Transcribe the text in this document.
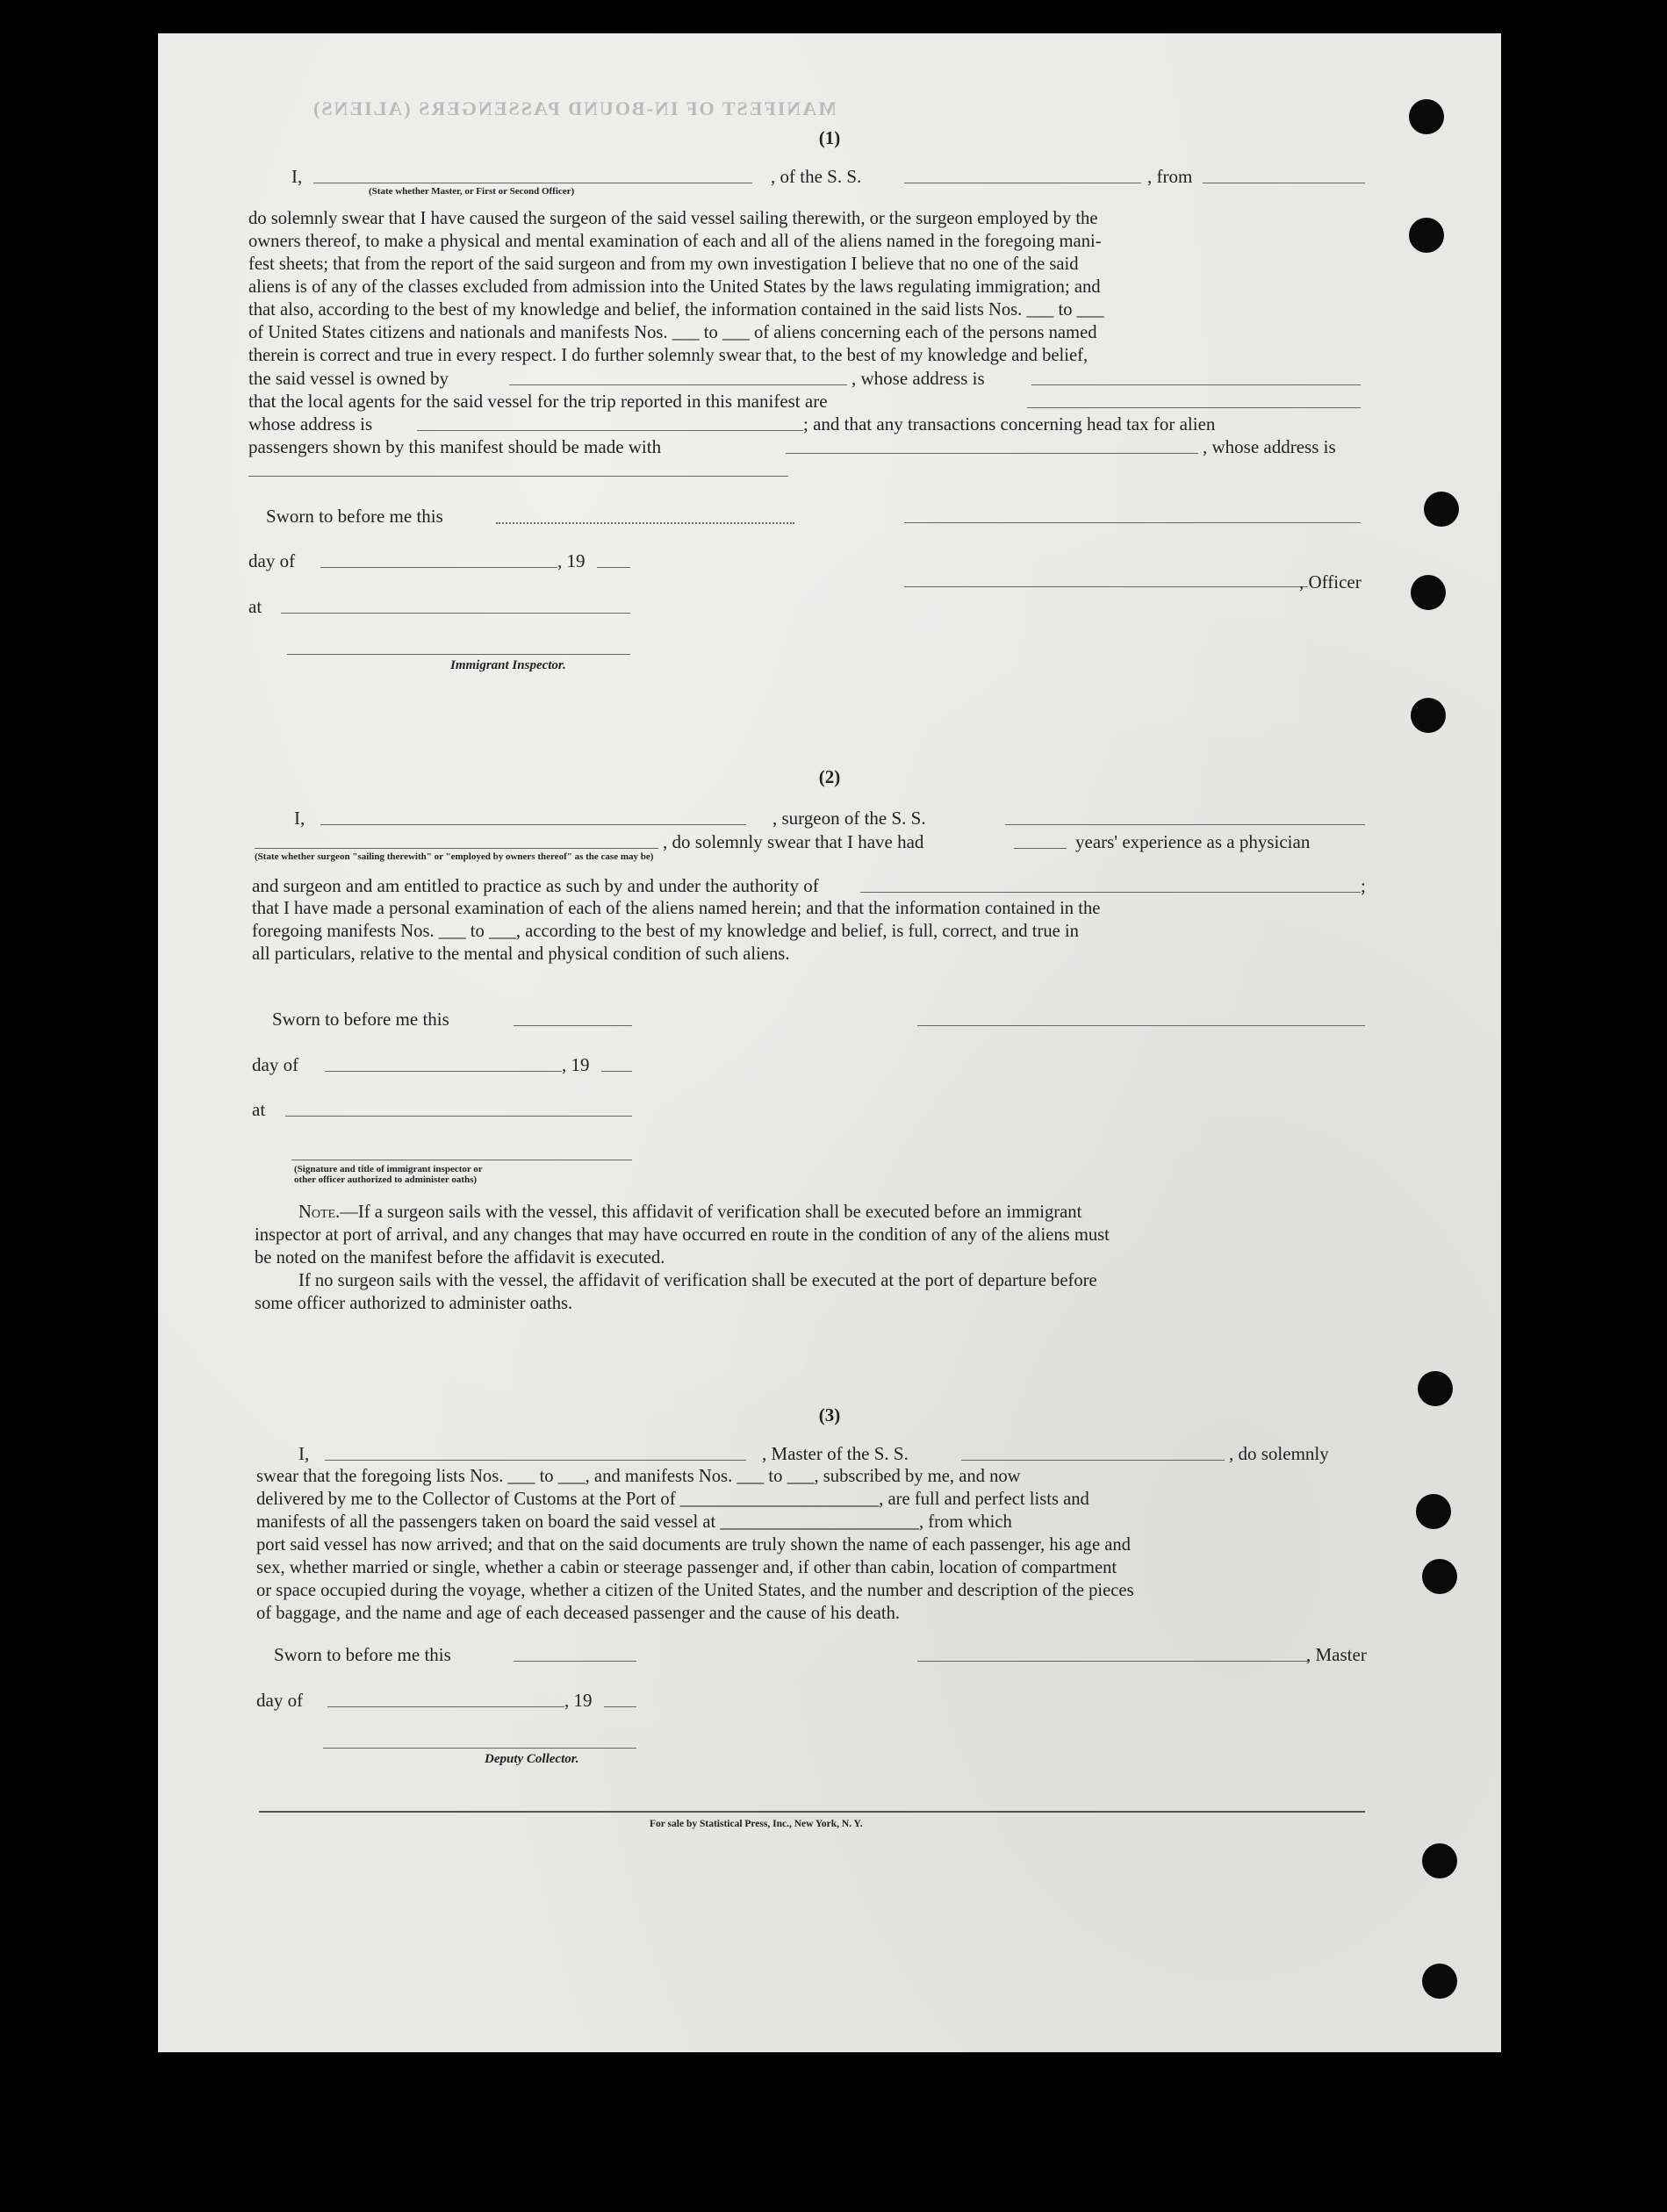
MANIFEST OF IN-BOUND PASSENGERS (ALIENS)
(1)
I,
(State whether Master, or First or Second Officer)
, of the S. S.	, from
do solemnly swear that I have caused the surgeon of the said vessel sailing therewith, or the surgeon employed by the
owners thereof, to make a physical and mental examination of each and all of the aliens named in the foregoing mani-
fest sheets; that from the report of the said surgeon and from my own investigation I believe that no one of the said
aliens is of any of the classes excluded from admission into the United States by the laws regulating immigration; and
that also, according to the best of my knowledge and belief, the information contained in the said lists Nos. ___ to ___
of United States citizens and nationals and manifests Nos. ___ to ___ of aliens concerning each of the persons named
therein is correct and true in every respect. I do further solemnly swear that, to the best of my knowledge and belief,
the said vessel is owned by	, whose address is
that the local agents for the said vessel for the trip reported in this manifest are
whose address is	; and that any transactions concerning head tax for alien
passengers shown by this manifest should be made with	, whose address is
Sworn to before me this
day of	, 19
, Officer
at
Immigrant Inspector.
(2)
I,	, surgeon of the S. S.
, do solemnly swear that I have had	years' experience as a physician
(State whether surgeon "sailing therewith" or "employed by owners thereof" as the case may be)
and surgeon and am entitled to practice as such by and under the authority of	;
that I have made a personal examination of each of the aliens named herein; and that the information contained in the
foregoing manifests Nos. ___ to ___, according to the best of my knowledge and belief, is full, correct, and true in
all particulars, relative to the mental and physical condition of such aliens.
Sworn to before me this
day of	, 19
at
(Signature and title of immigrant inspector or
other officer authorized to administer oaths)
Note.—If a surgeon sails with the vessel, this affidavit of verification shall be executed before an immigrant
inspector at port of arrival, and any changes that may have occurred en route in the condition of any of the aliens must
be noted on the manifest before the affidavit is executed.
If no surgeon sails with the vessel, the affidavit of verification shall be executed at the port of departure before
some officer authorized to administer oaths.
(3)
I,	, Master of the S. S.	, do solemnly
swear that the foregoing lists Nos. ___ to ___, and manifests Nos. ___ to ___, subscribed by me, and now
delivered by me to the Collector of Customs at the Port of ______________________, are full and perfect lists and
manifests of all the passengers taken on board the said vessel at ______________________, from which
port said vessel has now arrived; and that on the said documents are truly shown the name of each passenger, his age and
sex, whether married or single, whether a cabin or steerage passenger and, if other than cabin, location of compartment
or space occupied during the voyage, whether a citizen of the United States, and the number and description of the pieces
of baggage, and the name and age of each deceased passenger and the cause of his death.
Sworn to before me this	, Master
day of	, 19
Deputy Collector.
For sale by Statistical Press, Inc., New York, N. Y.
